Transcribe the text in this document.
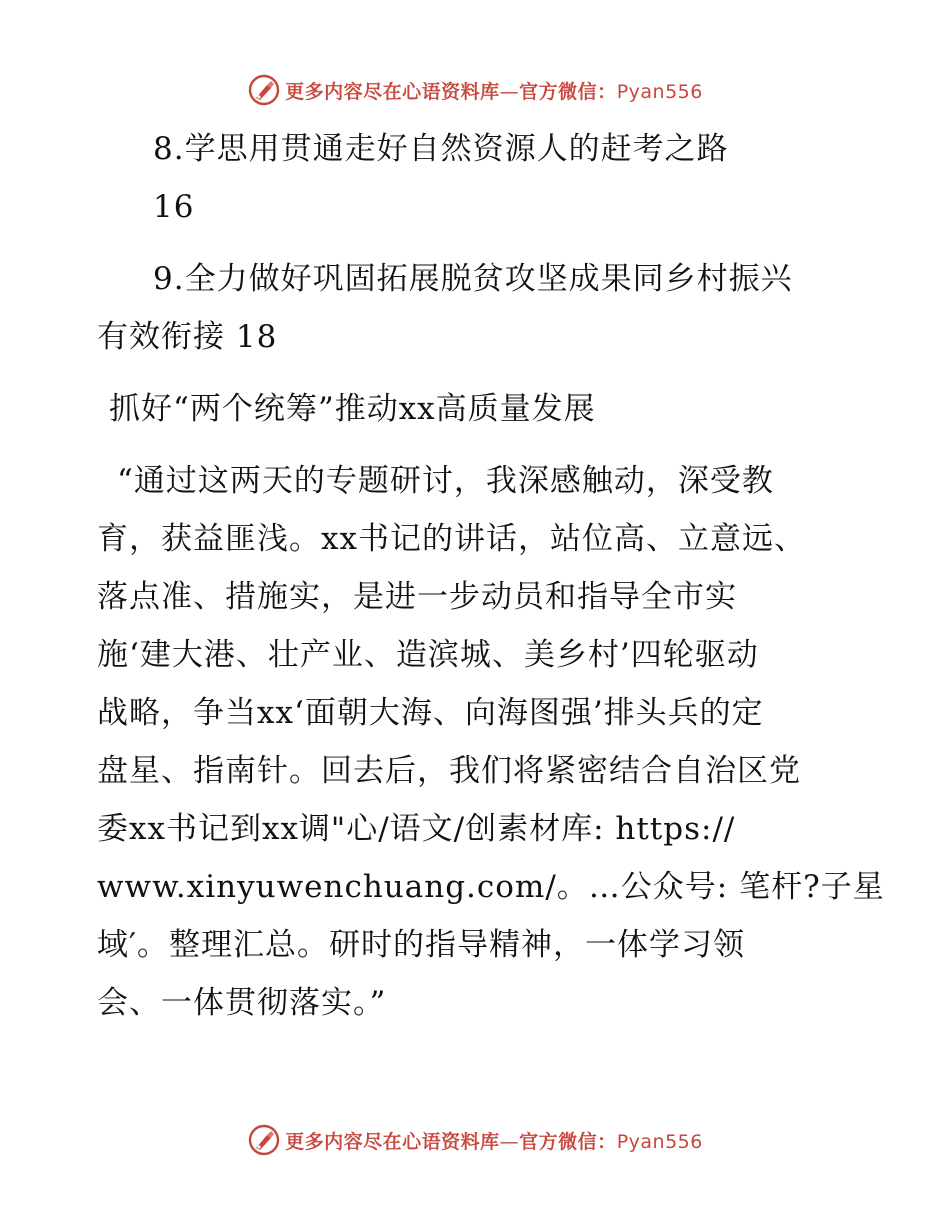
更多内容尽在心语资料库—官方微信：Pyan556
8.学思用贯通走好自然资源人的赶考之路
16
9.全力做好巩固拓展脱贫攻坚成果同乡村振兴
有效衔接 18
抓好“两个统筹”推动xx高质量发展
“通过这两天的专题研讨，我深感触动，深受教
育，获益匪浅。xx书记的讲话，站位高、立意远、
落点准、措施实，是进一步动员和指导全市实
施‘建大港、壮产业、造滨城、美乡村’四轮驱动
战略，争当xx‘面朝大海、向海图强’排头兵的定
盘星、指南针。回去后，我们将紧密结合自治区党
委xx书记到xx调"心/语文/创素材库: https://
www.xinyuwenchuang.com/。…公众号: 笔杆?子星
域′。整理汇总。研时的指导精神，一体学习领
会、一体贯彻落实。”
更多内容尽在心语资料库—官方微信：Pyan556
